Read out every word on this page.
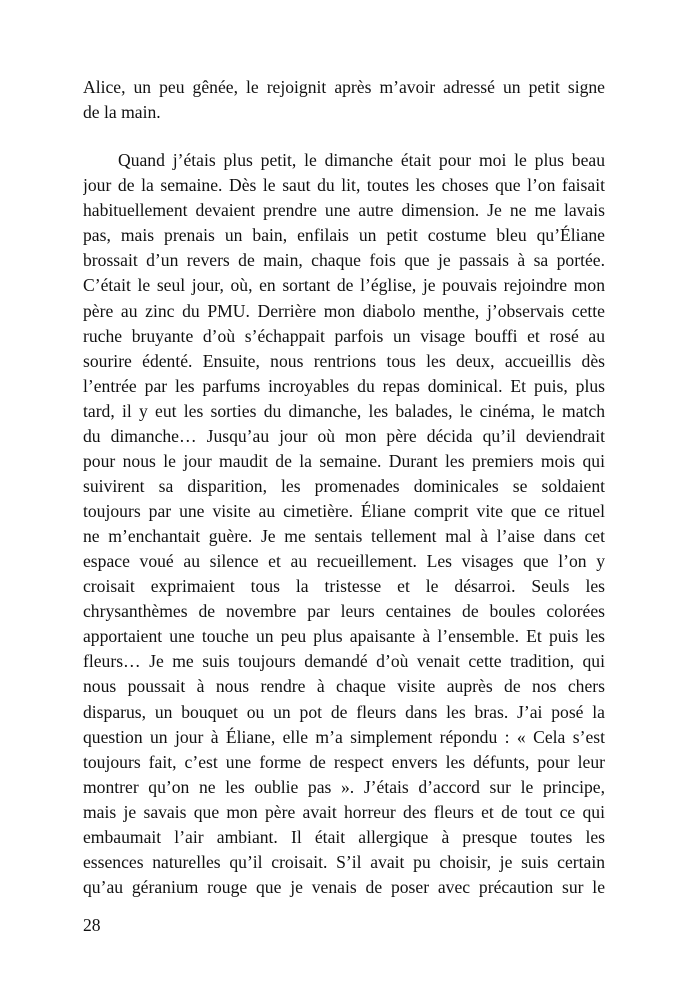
Alice, un peu gênée, le rejoignit après m’avoir adressé un petit signe
de la main.
Quand j’étais plus petit, le dimanche était pour moi le plus beau
jour de la semaine. Dès le saut du lit, toutes les choses que l’on faisait
habituellement devaient prendre une autre dimension. Je ne me lavais
pas, mais prenais un bain, enfilais un petit costume bleu qu’Éliane
brossait d’un revers de main, chaque fois que je passais à sa portée.
C’était le seul jour, où, en sortant de l’église, je pouvais rejoindre mon
père au zinc du PMU. Derrière mon diabolo menthe, j’observais cette
ruche bruyante d’où s’échappait parfois un visage bouffi et rosé au
sourire édenté. Ensuite, nous rentrions tous les deux, accueillis dès
l’entrée par les parfums incroyables du repas dominical. Et puis, plus
tard, il y eut les sorties du dimanche, les balades, le cinéma, le match
du dimanche… Jusqu’au jour où mon père décida qu’il deviendrait
pour nous le jour maudit de la semaine. Durant les premiers mois qui
suivirent sa disparition, les promenades dominicales se soldaient
toujours par une visite au cimetière. Éliane comprit vite que ce rituel
ne m’enchantait guère. Je me sentais tellement mal à l’aise dans cet
espace voué au silence et au recueillement. Les visages que l’on y
croisait exprimaient tous la tristesse et le désarroi. Seuls les
chrysanthèmes de novembre par leurs centaines de boules colorées
apportaient une touche un peu plus apaisante à l’ensemble. Et puis les
fleurs… Je me suis toujours demandé d’où venait cette tradition, qui
nous poussait à nous rendre à chaque visite auprès de nos chers
disparus, un bouquet ou un pot de fleurs dans les bras. J’ai posé la
question un jour à Éliane, elle m’a simplement répondu : « Cela s’est
toujours fait, c’est une forme de respect envers les défunts, pour leur
montrer qu’on ne les oublie pas ». J’étais d’accord sur le principe,
mais je savais que mon père avait horreur des fleurs et de tout ce qui
embaumait l’air ambiant. Il était allergique à presque toutes les
essences naturelles qu’il croisait. S’il avait pu choisir, je suis certain
qu’au géranium rouge que je venais de poser avec précaution sur le
28
